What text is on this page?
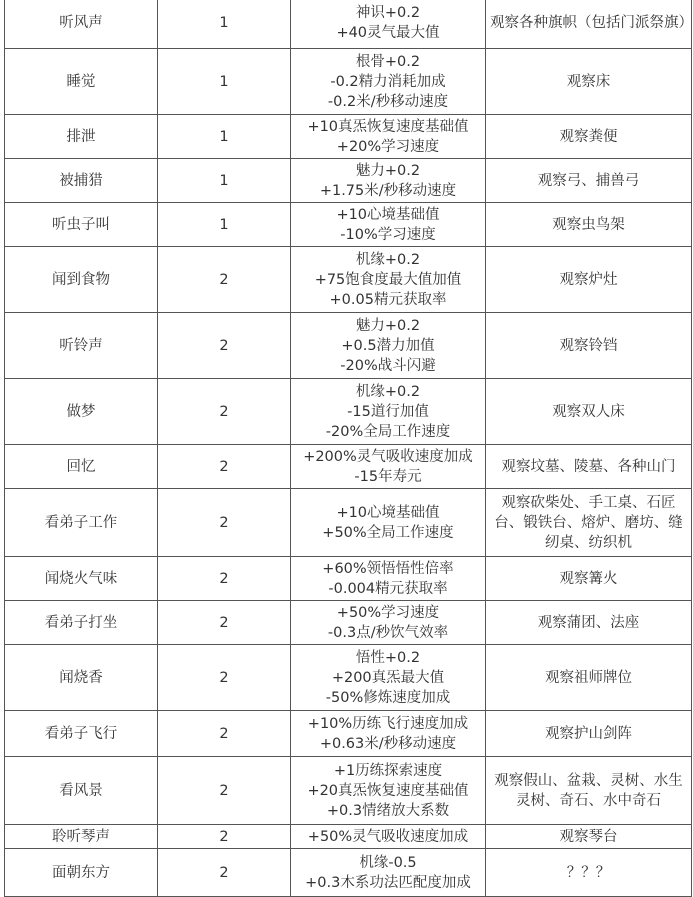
听风声	1	神识+0.2
+40灵气最大值	观察各种旗帜（包括门派祭旗）
睡觉	1	根骨+0.2
-0.2精力消耗加成
-0.2米/秒移动速度	观察床
排泄	1	+10真炁恢复速度基础值
+20%学习速度	观察粪便
被捕猎	1	魅力+0.2
+1.75米/秒移动速度	观察弓、捕兽弓
听虫子叫	1	+10心境基础值
-10%学习速度	观察虫鸟架
闻到食物	2	机缘+0.2
+75饱食度最大值加值
+0.05精元获取率	观察炉灶
听铃声	2	魅力+0.2
+0.5潜力加值
-20%战斗闪避	观察铃铛
做梦	2	机缘+0.2
-15道行加值
-20%全局工作速度	观察双人床
回忆	2	+200%灵气吸收速度加成
-15年寿元	观察坟墓、陵墓、各种山门
看弟子工作	2	+10心境基础值
+50%全局工作速度	观察砍柴处、手工桌、石匠台、锻铁台、熔炉、磨坊、缝纫桌、纺织机
闻烧火气味	2	+60%领悟悟性倍率
-0.004精元获取率	观察篝火
看弟子打坐	2	+50%学习速度
-0.3点/秒饮气效率	观察蒲团、法座
闻烧香	2	悟性+0.2
+200真炁最大值
-50%修炼速度加成	观察祖师牌位
看弟子飞行	2	+10%历练飞行速度加成
+0.63米/秒移动速度	观察护山剑阵
看风景	2	+1历练探索速度
+20真炁恢复速度基础值
+0.3情绪放大系数	观察假山、盆栽、灵树、水生灵树、奇石、水中奇石
聆听琴声	2	+50%灵气吸收速度加成	观察琴台
面朝东方	2	机缘-0.5
+0.3木系功法匹配度加成	？？？
